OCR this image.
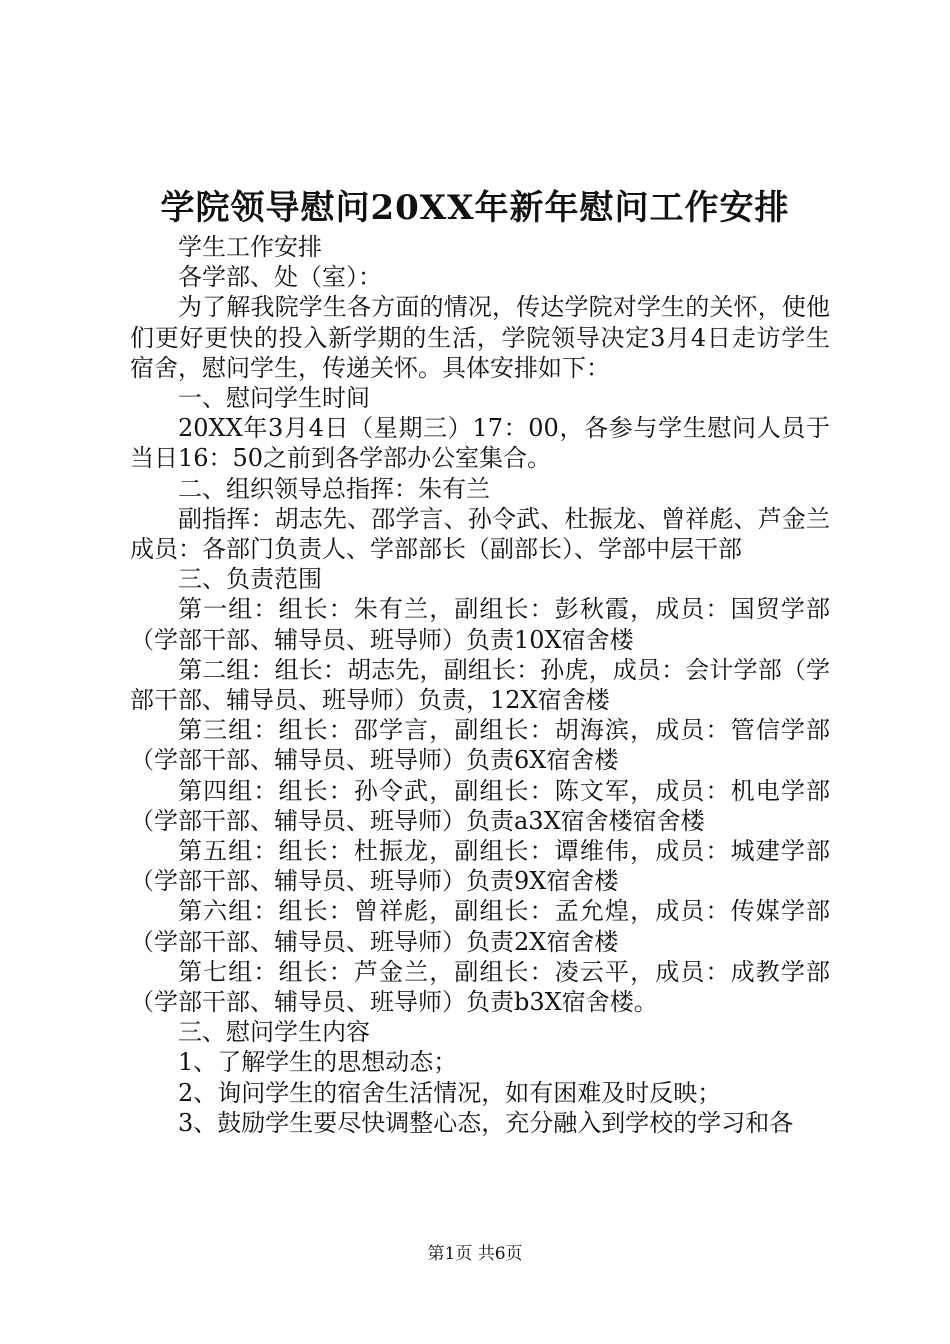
学院领导慰问20XX年新年慰问工作安排

学生工作安排

各学部、处（室）：

为了解我院学生各方面的情况，传达学院对学生的关怀，使他们更好更快的投入新学期的生活，学院领导决定3月4日走访学生宿舍，慰问学生，传递关怀。具体安排如下：

一、慰问学生时间

20XX年3月4日（星期三）17：00，各参与学生慰问人员于当日16：50之前到各学部办公室集合。

二、组织领导总指挥：朱有兰

副指挥：胡志先、邵学言、孙令武、杜振龙、曾祥彪、芦金兰成员：各部门负责人、学部部长（副部长）、学部中层干部

三、负责范围

第一组：组长：朱有兰，副组长：彭秋霞，成员：国贸学部（学部干部、辅导员、班导师）负责10X宿舍楼

第二组：组长：胡志先，副组长：孙虎，成员：会计学部（学部干部、辅导员、班导师）负责，12X宿舍楼

第三组：组长：邵学言，副组长：胡海滨，成员：管信学部（学部干部、辅导员、班导师）负责6X宿舍楼

第四组：组长：孙令武，副组长：陈文军，成员：机电学部（学部干部、辅导员、班导师）负责a3X宿舍楼宿舍楼

第五组：组长：杜振龙，副组长：谭维伟，成员：城建学部（学部干部、辅导员、班导师）负责9X宿舍楼

第六组：组长：曾祥彪，副组长：孟允煌，成员：传媒学部（学部干部、辅导员、班导师）负责2X宿舍楼

第七组：组长：芦金兰，副组长：凌云平，成员：成教学部（学部干部、辅导员、班导师）负责b3X宿舍楼。

三、慰问学生内容

1、了解学生的思想动态；

2、询问学生的宿舍生活情况，如有困难及时反映；

3、鼓励学生要尽快调整心态，充分融入到学校的学习和各

第1页 共6页
